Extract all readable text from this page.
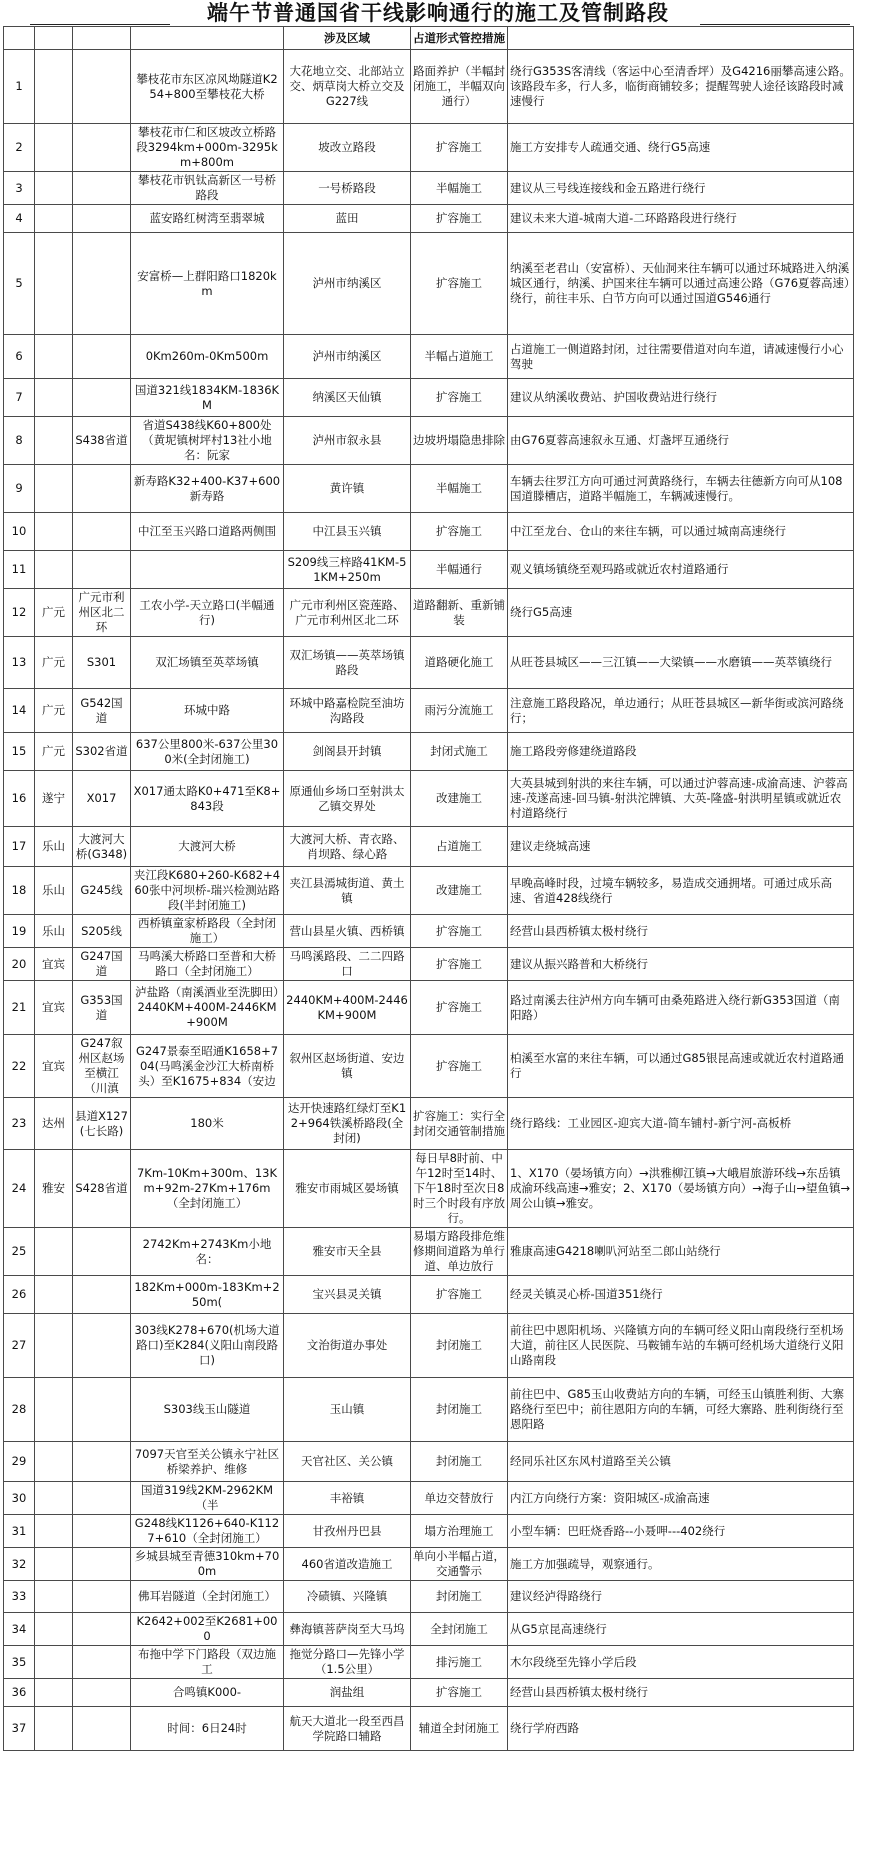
端午节普通国省干线影响通行的施工及管制路段
				涉及区域	占道形式管控措施	
1			攀枝花市东区凉风坳隧道K254+800至攀枝花大桥	大花地立交、北部站立交、炳草岗大桥立交及G227线	路面养护（半幅封闭施工，半幅双向通行）	绕行G353S客清线（客运中心至清香坪）及G4216丽攀高速公路。该路段车多，行人多，临街商铺较多；提醒驾驶人途径该路段时减速慢行
2			攀枝花市仁和区坡改立桥路段3294km+000m-3295km+800m	坡改立路段	扩容施工	施工方安排专人疏通交通、绕行G5高速
3			攀枝花市钒钛高新区一号桥路段	一号桥路段	半幅施工	建议从三号线连接线和金五路进行绕行
4			蓝安路红树湾至翡翠城	蓝田	扩容施工	建议未来大道-城南大道-二环路路段进行绕行
5			安富桥—上群阳路口1820km	泸州市纳溪区	扩容施工	纳溪至老君山（安富桥）、天仙洞来往车辆可以通过环城路进入纳溪城区通行，纳溪、护国来往车辆可以通过高速公路（G76夏蓉高速）绕行，前往丰乐、白节方向可以通过国道G546通行
6			0Km260m-0Km500m	泸州市纳溪区	半幅占道施工	占道施工一侧道路封闭，过往需要借道对向车道，请减速慢行小心驾驶
7			国道321线1834KM-1836KM	纳溪区天仙镇	扩容施工	建议从纳溪收费站、护国收费站进行绕行
8		S438省道	省道S438线K60+800处（黄坭镇树坪村13社小地名：阮家	泸州市叙永县	边坡坍塌隐患排除	由G76夏蓉高速叙永互通、灯盏坪互通绕行
9			新寿路K32+400-K37+600新寿路	黄许镇	半幅施工	车辆去往罗江方向可通过河黄路绕行，车辆去往德新方向可从108国道滕槽店，道路半幅施工，车辆减速慢行。
10			中江至玉兴路口道路两侧围	中江县玉兴镇	扩容施工	中江至龙台、仓山的来往车辆，可以通过城南高速绕行
11				S209线三梓路41KM-51KM+250m	半幅通行	观义镇场镇绕至观玛路或就近农村道路通行
12	广元	广元市利州区北二环	工农小学-天立路口(半幅通行)	广元市利州区瓷莲路、广元市利州区北二环	道路翻新、重新铺装	绕行G5高速
13	广元	S301	双汇场镇至英萃场镇	双汇场镇——英萃场镇路段	道路硬化施工	从旺苍县城区——三江镇——大梁镇——水磨镇——英萃镇绕行
14	广元	G542国道	环城中路	环城中路嘉检院至油坊沟路段	雨污分流施工	注意施工路段路况，单边通行；从旺苍县城区—新华街或滨河路绕行；
15	广元	S302省道	637公里800米-637公里300米(全封闭施工)	剑阁县开封镇	封闭式施工	施工路段旁修建绕道路段
16	遂宁	X017	X017通太路K0+471至K8+843段	原通仙乡场口至射洪太乙镇交界处	改建施工	大英县城到射洪的来往车辆，可以通过沪蓉高速-成渝高速、沪蓉高速-茂遂高速-回马镇-射洪沱牌镇、大英-隆盛-射洪明星镇或就近农村道路绕行
17	乐山	大渡河大桥(G348)	大渡河大桥	大渡河大桥、青衣路、肖坝路、绿心路	占道施工	建议走绕城高速
18	乐山	G245线	夹江段K680+260-K682+460张中河坝桥-瑞兴检测站路段(半封闭施工)	夹江县漹城街道、黄土镇	改建施工	早晚高峰时段，过境车辆较多，易造成交通拥堵。可通过成乐高速、省道428线绕行
19	乐山	S205线	西桥镇童家桥路段（全封闭施工）	营山县星火镇、西桥镇	扩容施工	经营山县西桥镇太极村绕行
20	宜宾	G247国道	马鸣溪大桥路口至普和大桥路口（全封闭施工）	马鸣溪路段、二二四路口	扩容施工	建议从振兴路普和大桥绕行
21	宜宾	G353国道	泸盐路（南溪酒业至洗脚田）2440KM+400M-2446KM+900M	2440KM+400M-2446KM+900M	扩容施工	路过南溪去往泸州方向车辆可由桑苑路进入绕行新G353国道（南阳路）
22	宜宾	G247叙州区赵场至横江（川滇	G247景泰至昭通K1658+704(马鸣溪金沙江大桥南桥头）至K1675+834（安边	叙州区赵场街道、安边镇	扩容施工	柏溪至水富的来往车辆，可以通过G85银昆高速或就近农村道路通行
23	达州	县道X127(七长路)	180米	达开快速路红绿灯至K12+964铁溪桥路段(全封闭)	扩容施工：实行全封闭交通管制措施	绕行路线：工业园区-迎宾大道-简车铺村-新宁河-高板桥
24	雅安	S428省道	7Km-10Km+300m、13Km+92m-27Km+176m（全封闭施工）	雅安市雨城区晏场镇	每日早8时前、中午12时至14时、下午18时至次日8时三个时段有序放行。	1、X170（晏场镇方向）→洪雅柳江镇→大峨眉旅游环线→东岳镇成渝环线高速→雅安；2、X170（晏场镇方向）→海子山→望鱼镇→周公山镇→雅安。
25			2742Km+2743Km小地名：	雅安市天全县	易塌方路段排危维修期间道路为单行道、单边放行	雅康高速G4218喇叭河站至二郎山站绕行
26			182Km+000m-183Km+250m(	宝兴县灵关镇	扩容施工	经灵关镇灵心桥-国道351绕行
27			303线K278+670(机场大道路口)至K284(义阳山南段路口)	文治街道办事处	封闭施工	前往巴中恩阳机场、兴隆镇方向的车辆可经义阳山南段绕行至机场大道，前往区人民医院、马鞍铺车站的车辆可经机场大道绕行义阳山路南段
28			S303线玉山隧道	玉山镇	封闭施工	前往巴中、G85玉山收费站方向的车辆，可经玉山镇胜利街、大寨路绕行至巴中；前往恩阳方向的车辆，可经大寨路、胜利街绕行至恩阳路
29			7097天官至关公镇永宁社区桥梁养护、维修	天官社区、关公镇	封闭施工	经同乐社区东风村道路至关公镇
30			国道319线2KM-2962KM（半	丰裕镇	单边交替放行	内江方向绕行方案：资阳城区-成渝高速
31			G248线K1126+640-K1127+610（全封闭施工）	甘孜州丹巴县	塌方治理施工	小型车辆：巴旺烧香路--小聂呷---402绕行
32			乡城县城至青德310km+700m	460省道改造施工	单向小半幅占道，交通警示	施工方加强疏导，观察通行。
33			佛耳岩隧道（全封闭施工）	冷碛镇、兴隆镇	封闭施工	建议经泸得路绕行
34			K2642+002至K2681+000	彝海镇菩萨岗至大马坞	全封闭施工	从G5京昆高速绕行
35			布拖中学下门路段（双边施工	拖觉分路口—先锋小学（1.5公里）	排污施工	木尔段绕至先锋小学后段
36			合鸣镇K000-	润盐组	扩容施工	经营山县西桥镇太极村绕行
37			时间：6日24时	航天大道北一段至西昌学院路口辅路	辅道全封闭施工	绕行学府西路
